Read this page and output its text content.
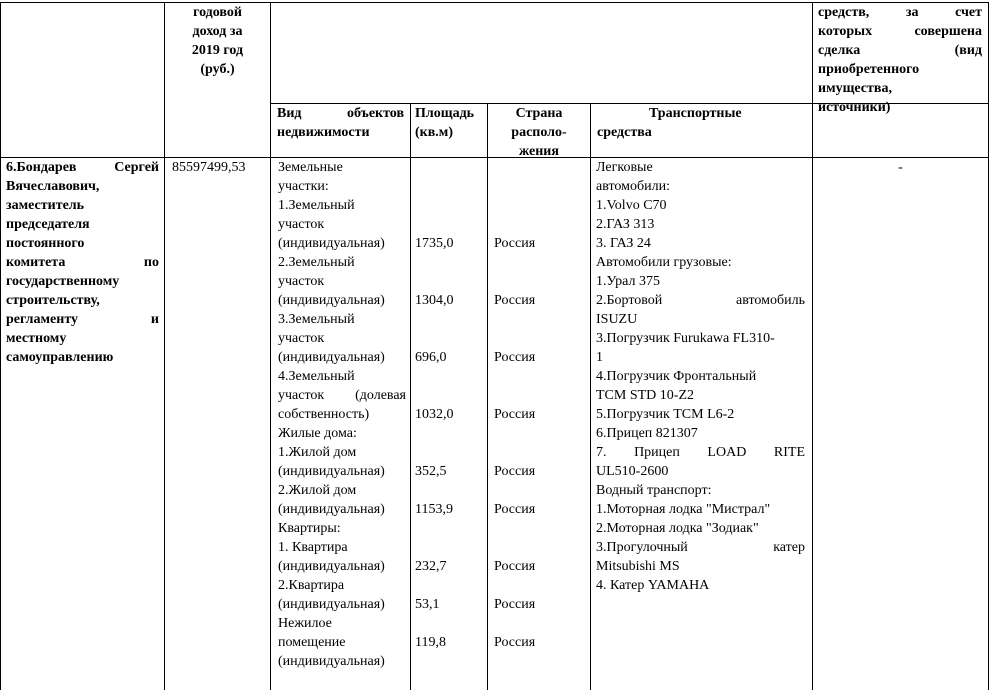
годовой
доход за
2019 год
(руб.)
средств, за счет
которых совершена
сделка (вид
приобретенного
имущества,
источники)
Вид объектов
недвижимости
Площадь
(кв.м)
Страна
располо-
жения
Транспортные
средства
6.Бондарев Сергей
Вячеславович,
заместитель
председателя
постоянного
комитета по
государственному
строительству,
регламенту и
местному
самоуправлению
85597499,53	Земельные
участки:
1.Земельный
участок
(индивидуальная)
2.Земельный
участок
(индивидуальная)
3.Земельный
участок
(индивидуальная)
4.Земельный
участок (долевая
собственность)
Жилые дома:
1.Жилой дом
(индивидуальная)
2.Жилой дом
(индивидуальная)
Квартиры:
1. Квартира
(индивидуальная)
2.Квартира
(индивидуальная)
Нежилое
помещение
(индивидуальная)
1735,0
1304,0
696,0
1032,0
352,5
1153,9
232,7
53,1
119,8
Россия
Россия
Россия
Россия
Россия
Россия
Россия
Россия
Россия
Легковые
автомобили:
1.Volvo C70
2.ГАЗ 313
3. ГАЗ 24
Автомобили грузовые:
1.Урал 375
2.Бортовой автомобиль
ISUZU
3.Погрузчик Furukawa FL310-
1
4.Погрузчик Фронтальный
TCM STD 10-Z2
5.Погрузчик TCM L6-2
6.Прицеп 821307
7. Прицеп LOAD RITE
UL510-2600
Водный транспорт:
1.Моторная лодка "Мистрал"
2.Моторная лодка "Зодиак"
3.Прогулочный катер
Mitsubishi MS
4. Катер YAMAHA
-
